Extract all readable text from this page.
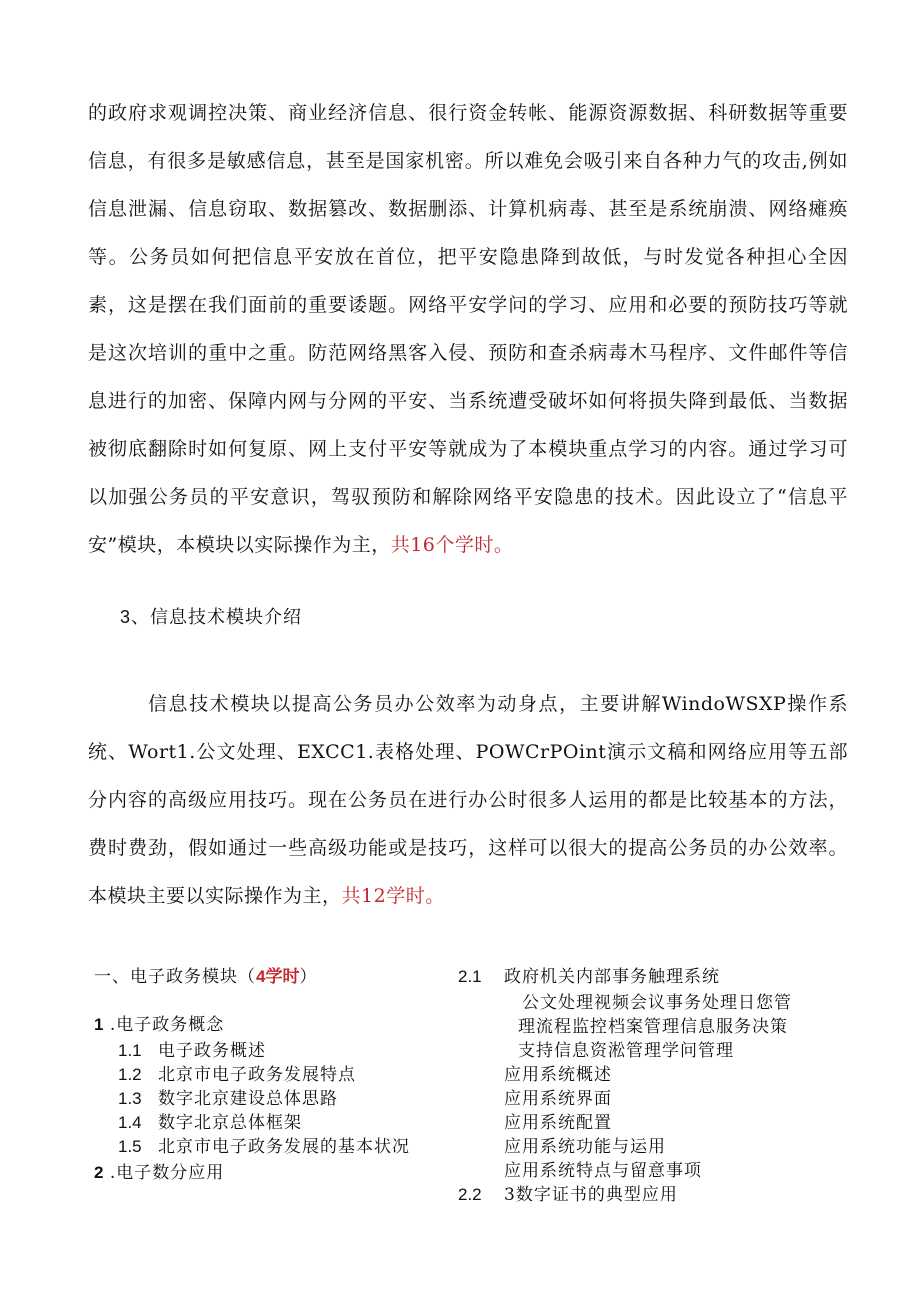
的政府求观调控决策、商业经济信息、很行资金转帐、能源资源数据、科研数据等重要信息，有很多是敏感信息，甚至是国家机密。所以难免会吸引来自各种力气的攻击,例如信息泄漏、信息窃取、数据篡改、数据删添、计算机病毒、甚至是系统崩溃、网络瘫痪等。公务员如何把信息平安放在首位，把平安隐患降到故低，与时发觉各种担心全因素，这是摆在我们面前的重要诿题。网络平安学问的学习、应用和必要的预防技巧等就是这次培训的重中之重。防范网络黑客入侵、预防和查杀病毒木马程序、文件邮件等信息进行的加密、保障内网与分网的平安、当系统遭受破坏如何将损失降到最低、当数据被彻底翻除时如何复原、网上支付平安等就成为了本模块重点学习的内容。通过学习可以加强公务员的平安意识，驾驭预防和解除网络平安隐患的技术。因此设立了“信息平安”模块，本模块以实际操作为主，共16个学时。

3、信息技术模块介绍

信息技术模块以提高公务员办公效率为动身点，主要讲解WindoWSXP操作系统、Wort1.公文处理、EXCC1.表格处理、POWCrPOint演示文稿和网络应用等五部分内容的高级应用技巧。现在公务员在进行办公时很多人运用的都是比较基本的方法，费时费劲，假如通过一些高级功能或是技巧，这样可以很大的提高公务员的办公效率。本模块主要以实际操作为主，共12学时。

一、电子政务模块（4学时）
1 .电子政务概念
1.1 电子政务概述
1.2 北京市电子政务发展特点
1.3 数字北京建设总体思路
1.4 数字北京总体框架
1.5 北京市电子政务发展的基本状况
2 .电子数分应用
2.1 政府机关内部事务触理系统
公文处理视频会议事务处理日您管
理流程监控档案管理信息服务决策
支持信息资淞管理学问管理
应用系统概述
应用系统界面
应用系统配置
应用系统功能与运用
应用系统特点与留意事项
2.2 3数字证书的典型应用
